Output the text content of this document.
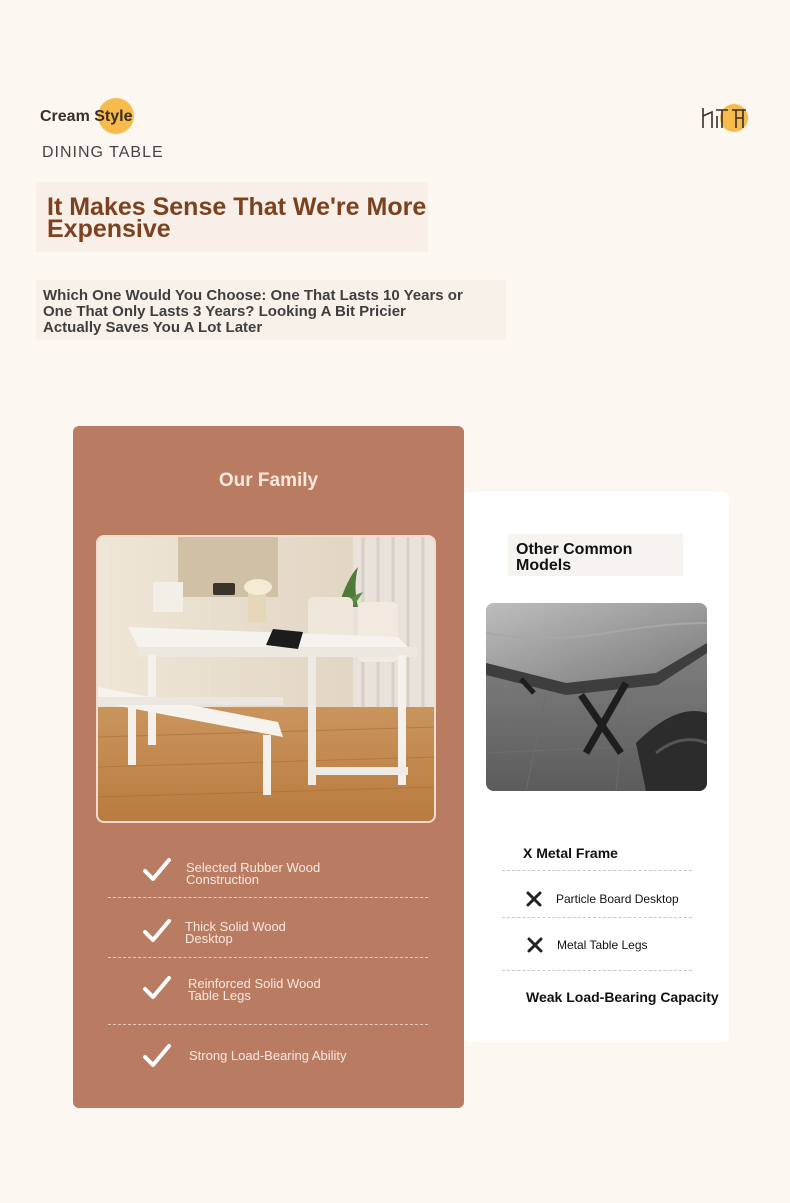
Cream Style
DINING TABLE
It Makes Sense That We're More Expensive
Which One Would You Choose: One That Lasts 10 Years or One That Only Lasts 3 Years? Looking A Bit Pricier Actually Saves You A Lot Later
Our Family
Selected Rubber Wood Construction
Thick Solid Wood Desktop
Reinforced Solid Wood Table Legs
Strong Load-Bearing Ability
Other Common Models
X Metal Frame
Particle Board Desktop
Metal Table Legs
Weak Load-Bearing Capacity
